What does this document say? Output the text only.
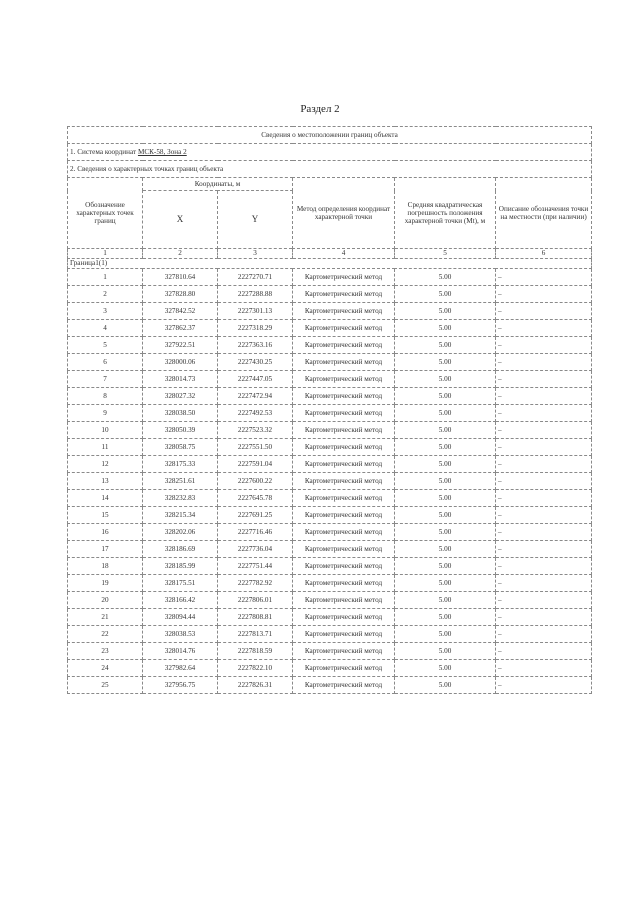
Раздел 2
Сведения о местоположении границ объекта					
1. Система координат МСК-58, Зона 2					
2. Сведения о характерных точках границ объекта					
Обозначение характерных точек границ	Координаты, м		Метод определения координат характерной точки	Средняя квадратическая погрешность положения характерной точки (Mt), м	Описание обозначения точки на местности (при наличии)
	X	Y			
1	2	3	4	5	6
Граница1(1)					
1	327810.64	2227270.71	Картометрический метод	5.00	–
2	327828.80	2227288.88	Картометрический метод	5.00	–
3	327842.52	2227301.13	Картометрический метод	5.00	–
4	327862.37	2227318.29	Картометрический метод	5.00	–
5	327922.51	2227363.16	Картометрический метод	5.00	–
6	328000.06	2227430.25	Картометрический метод	5.00	–
7	328014.73	2227447.05	Картометрический метод	5.00	–
8	328027.32	2227472.94	Картометрический метод	5.00	–
9	328038.50	2227492.53	Картометрический метод	5.00	–
10	328050.39	2227523.32	Картометрический метод	5.00	–
11	328058.75	2227551.50	Картометрический метод	5.00	–
12	328175.33	2227591.04	Картометрический метод	5.00	–
13	328251.61	2227600.22	Картометрический метод	5.00	–
14	328232.83	2227645.78	Картометрический метод	5.00	–
15	328215.34	2227691.25	Картометрический метод	5.00	–
16	328202.06	2227716.46	Картометрический метод	5.00	–
17	328186.69	2227736.04	Картометрический метод	5.00	–
18	328185.99	2227751.44	Картометрический метод	5.00	–
19	328175.51	2227782.92	Картометрический метод	5.00	–
20	328166.42	2227806.01	Картометрический метод	5.00	–
21	328094.44	2227808.81	Картометрический метод	5.00	–
22	328038.53	2227813.71	Картометрический метод	5.00	–
23	328014.76	2227818.59	Картометрический метод	5.00	–
24	327982.64	2227822.10	Картометрический метод	5.00	–
25	327956.75	2227826.31	Картометрический метод	5.00	–
